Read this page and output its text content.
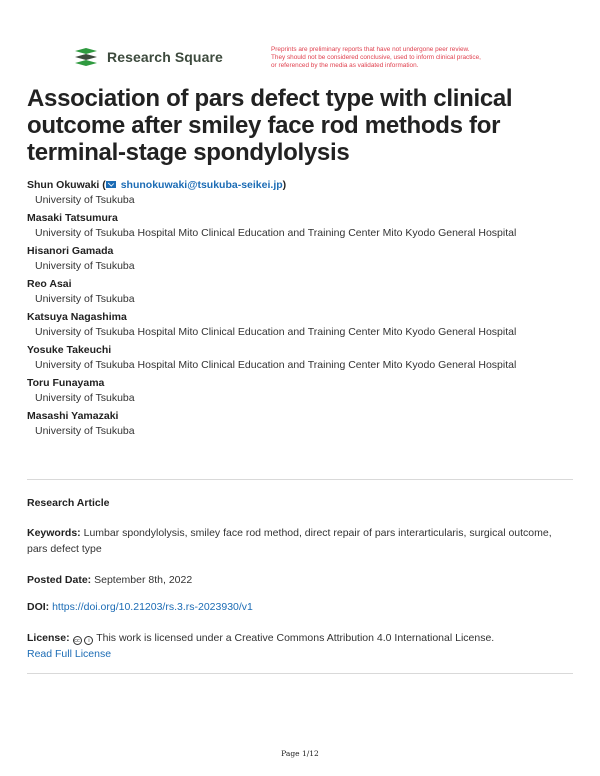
Research Square	Preprints are preliminary reports that have not undergone peer review.
They should not be considered conclusive, used to inform clinical practice,
or referenced by the media as validated information.
Association of pars defect type with clinical outcome after smiley face rod methods for terminal-stage spondylolysis
Shun Okuwaki ( shunokuwaki@tsukuba-seikei.jp)
University of Tsukuba
Masaki Tatsumura
University of Tsukuba Hospital Mito Clinical Education and Training Center Mito Kyodo General Hospital
Hisanori Gamada
University of Tsukuba
Reo Asai
University of Tsukuba
Katsuya Nagashima
University of Tsukuba Hospital Mito Clinical Education and Training Center Mito Kyodo General Hospital
Yosuke Takeuchi
University of Tsukuba Hospital Mito Clinical Education and Training Center Mito Kyodo General Hospital
Toru Funayama
University of Tsukuba
Masashi Yamazaki
University of Tsukuba
Research Article
Keywords: Lumbar spondylolysis, smiley face rod method, direct repair of pars interarticularis, surgical outcome, pars defect type
Posted Date: September 8th, 2022
DOI: https://doi.org/10.21203/rs.3.rs-2023930/v1
License: cc i This work is licensed under a Creative Commons Attribution 4.0 International License.
Read Full License
Page 1/12
